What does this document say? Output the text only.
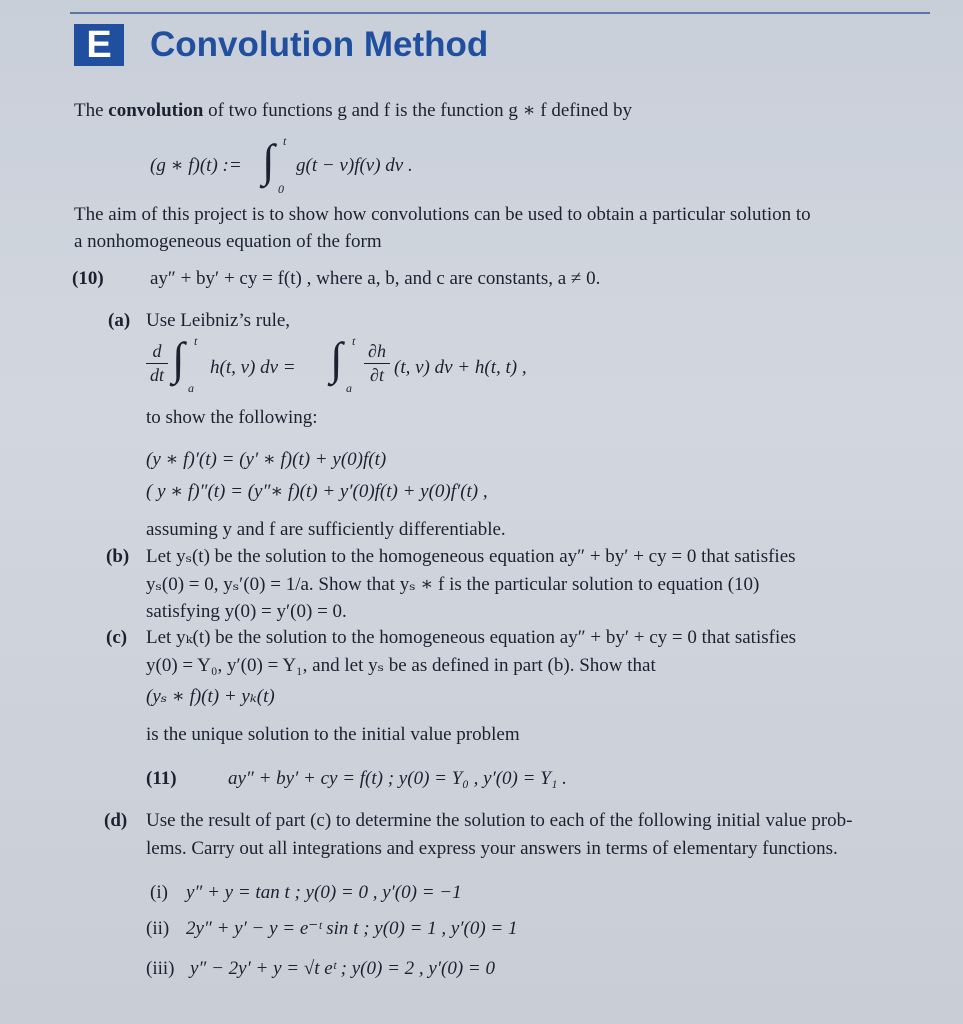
E	Convolution Method
The convolution of two functions g and f is the function g ∗ f defined by
(g ∗ f)(t) := ∫ t
0
g(t − v)f(v) dv .
The aim of this project is to show how convolutions can be used to obtain a particular solution to
a nonhomogeneous equation of the form
(10) ay″ + by′ + cy = f(t) , where a, b, and c are constants, a ≠ 0.
(a) Use Leibniz’s rule,
d
dt ∫ t
a
h(t, v) dv = ∫ t
a
∂h
∂t (t, v) dv + h(t, t) ,
to show the following:
(y ∗ f)′(t) = (y′ ∗ f)(t) + y(0)f(t)
( y ∗ f)″(t) = (y″∗ f)(t) + y′(0)f(t) + y(0)f′(t) ,
assuming y and f are sufficiently differentiable.
(b) Let yₛ(t) be the solution to the homogeneous equation ay″ + by′ + cy = 0 that satisfies
yₛ(0) = 0, yₛ′(0) = 1/a. Show that yₛ ∗ f is the particular solution to equation (10)
satisfying y(0) = y′(0) = 0.
(c) Let yₖ(t) be the solution to the homogeneous equation ay″ + by′ + cy = 0 that satisfies
y(0) = Y₀, y′(0) = Y₁, and let yₛ be as defined in part (b). Show that
(yₛ ∗ f)(t) + yₖ(t)
is the unique solution to the initial value problem
(11)	ay″ + by′ + cy = f(t) ; y(0) = Y₀ , y′(0) = Y₁ .
(d) Use the result of part (c) to determine the solution to each of the following initial value prob-
lems. Carry out all integrations and express your answers in terms of elementary functions.
(i) y″ + y = tan t ; y(0) = 0 , y′(0) = −1
(ii) 2y″ + y′ − y = e⁻ᵗ sin t ; y(0) = 1 , y′(0) = 1
(iii) y″ − 2y′ + y = √t eᵗ ; y(0) = 2 , y′(0) = 0
